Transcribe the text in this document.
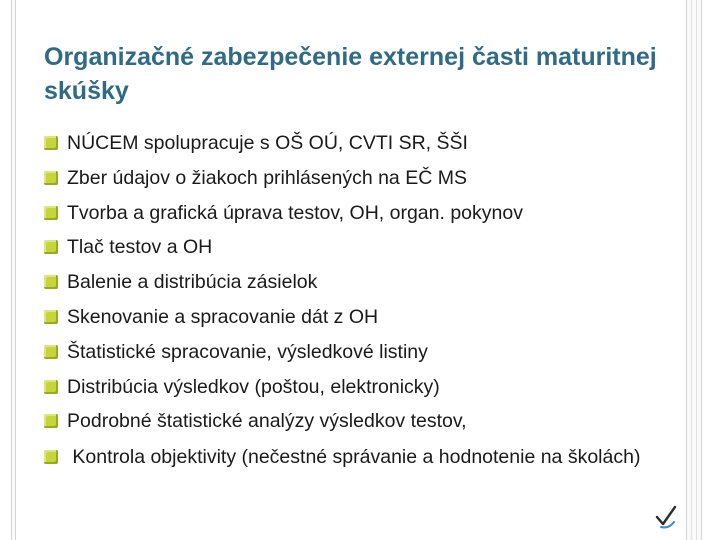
Organizačné zabezpečenie externej časti maturitnej skúšky
NÚCEM spolupracuje s OŠ OÚ, CVTI SR, ŠŠI
Zber údajov o žiakoch prihlásených na EČ MS
Tvorba a grafická úprava testov, OH, organ. pokynov
Tlač testov a OH
Balenie a distribúcia zásielok
Skenovanie a spracovanie dát z OH
Štatistické spracovanie, výsledkové listiny
Distribúcia výsledkov (poštou, elektronicky)
Podrobné štatistické analýzy výsledkov testov,
Kontrola objektivity (nečestné správanie a hodnotenie na školách)
